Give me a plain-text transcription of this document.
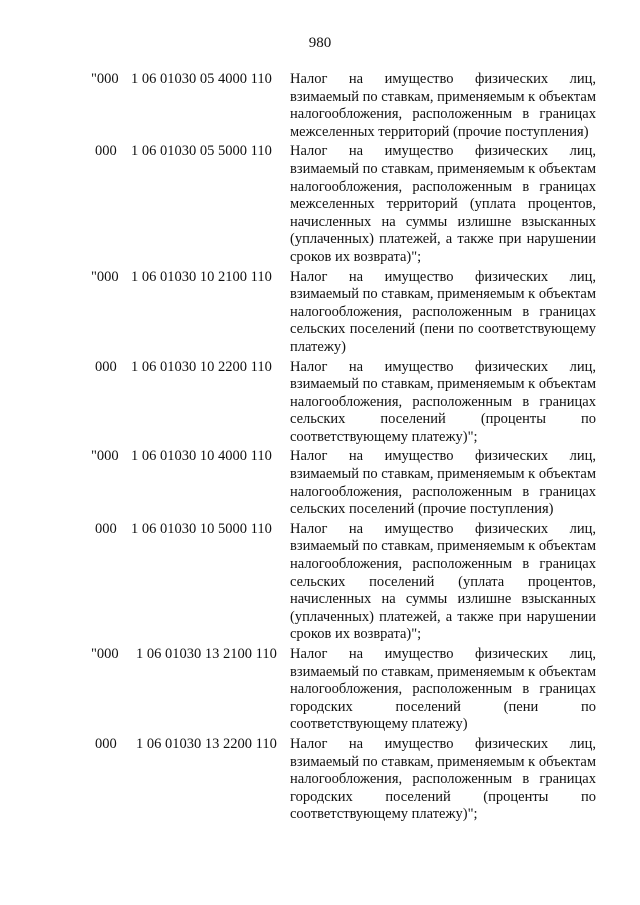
980
"000 1 06 01030 05 4000 110 Налог на имущество физических лиц, взимаемый по ставкам, применяемым к объектам налогообложения, расположенным в границах межселенных территорий (прочие поступления)
000 1 06 01030 05 5000 110 Налог на имущество физических лиц, взимаемый по ставкам, применяемым к объектам налогообложения, расположенным в границах межселенных территорий (уплата процентов, начисленных на суммы излишне взысканных (уплаченных) платежей, а также при нарушении сроков их возврата)";
"000 1 06 01030 10 2100 110 Налог на имущество физических лиц, взимаемый по ставкам, применяемым к объектам налогообложения, расположенным в границах сельских поселений (пени по соответствующему платежу)
000 1 06 01030 10 2200 110 Налог на имущество физических лиц, взимаемый по ставкам, применяемым к объектам налогообложения, расположенным в границах сельских поселений (проценты по соответствующему платежу)";
"000 1 06 01030 10 4000 110 Налог на имущество физических лиц, взимаемый по ставкам, применяемым к объектам налогообложения, расположенным в границах сельских поселений (прочие поступления)
000 1 06 01030 10 5000 110 Налог на имущество физических лиц, взимаемый по ставкам, применяемым к объектам налогообложения, расположенным в границах сельских поселений (уплата процентов, начисленных на суммы излишне взысканных (уплаченных) платежей, а также при нарушении сроков их возврата)";
"000 1 06 01030 13 2100 110 Налог на имущество физических лиц, взимаемый по ставкам, применяемым к объектам налогообложения, расположенным в границах городских поселений (пени по соответствующему платежу)
000 1 06 01030 13 2200 110 Налог на имущество физических лиц, взимаемый по ставкам, применяемым к объектам налогообложения, расположенным в границах городских поселений (проценты по соответствующему платежу)";
